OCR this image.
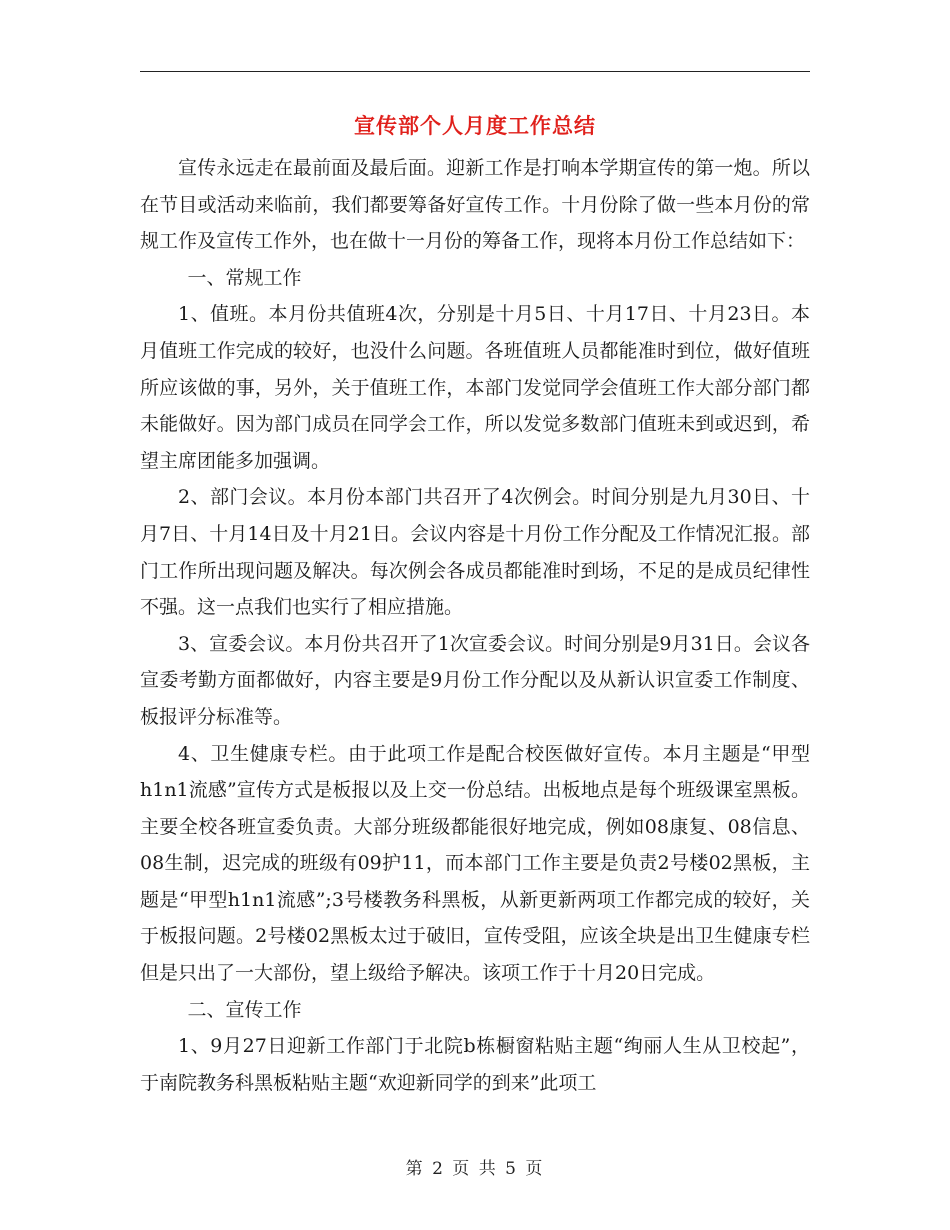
宣传部个人月度工作总结

宣传永远走在最前面及最后面。迎新工作是打响本学期宣传的第一炮。所以在节目或活动来临前，我们都要筹备好宣传工作。十月份除了做一些本月份的常规工作及宣传工作外，也在做十一月份的筹备工作，现将本月份工作总结如下：

一、常规工作

1、值班。本月份共值班4次，分别是十月5日、十月17日、十月23日。本月值班工作完成的较好，也没什么问题。各班值班人员都能准时到位，做好值班所应该做的事，另外，关于值班工作，本部门发觉同学会值班工作大部分部门都未能做好。因为部门成员在同学会工作，所以发觉多数部门值班未到或迟到，希望主席团能多加强调。

2、部门会议。本月份本部门共召开了4次例会。时间分别是九月30日、十月7日、十月14日及十月21日。会议内容是十月份工作分配及工作情况汇报。部门工作所出现问题及解决。每次例会各成员都能准时到场，不足的是成员纪律性不强。这一点我们也实行了相应措施。

3、宣委会议。本月份共召开了1次宣委会议。时间分别是9月31日。会议各宣委考勤方面都做好，内容主要是9月份工作分配以及从新认识宣委工作制度、板报评分标准等。

4、卫生健康专栏。由于此项工作是配合校医做好宣传。本月主题是“甲型h1n1流感”宣传方式是板报以及上交一份总结。出板地点是每个班级课室黑板。主要全校各班宣委负责。大部分班级都能很好地完成，例如08康复、08信息、08生制，迟完成的班级有09护11，而本部门工作主要是负责2号楼02黑板，主题是“甲型h1n1流感”;3号楼教务科黑板，从新更新两项工作都完成的较好，关于板报问题。2号楼02黑板太过于破旧，宣传受阻，应该全块是出卫生健康专栏但是只出了一大部份，望上级给予解决。该项工作于十月20日完成。

二、宣传工作

1、9月27日迎新工作部门于北院b栋橱窗粘贴主题“绚丽人生从卫校起”， 于南院教务科黑板粘贴主题“欢迎新同学的到来”此项工

第 2 页 共 5 页
